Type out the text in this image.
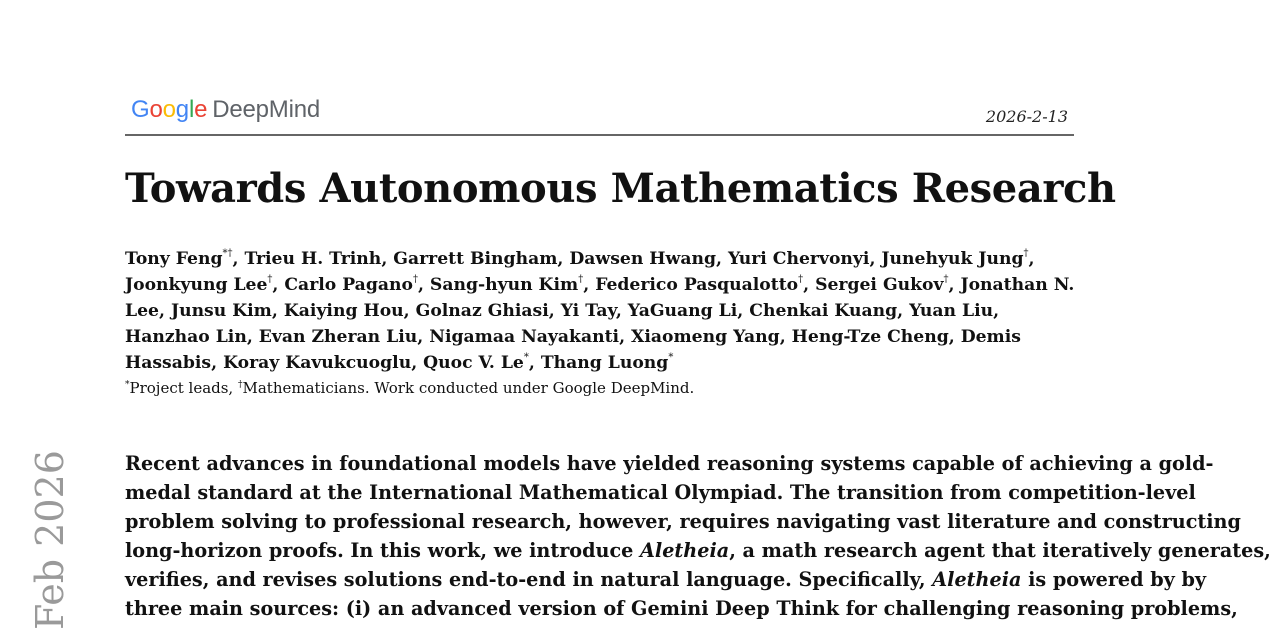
Google DeepMind	2026-2-13
Towards Autonomous Mathematics Research
Tony Feng*†, Trieu H. Trinh, Garrett Bingham, Dawsen Hwang, Yuri Chervonyi, Junehyuk Jung†, Joonkyung Lee†, Carlo Pagano†, Sang-hyun Kim†, Federico Pasqualotto†, Sergei Gukov†, Jonathan N. Lee, Junsu Kim, Kaiying Hou, Golnaz Ghiasi, Yi Tay, YaGuang Li, Chenkai Kuang, Yuan Liu, Hanzhao Lin, Evan Zheran Liu, Nigamaa Nayakanti, Xiaomeng Yang, Heng-Tze Cheng, Demis Hassabis, Koray Kavukcuoglu, Quoc V. Le*, Thang Luong*
*Project leads, †Mathematicians. Work conducted under Google DeepMind.
Recent advances in foundational models have yielded reasoning systems capable of achieving a gold-
medal standard at the International Mathematical Olympiad. The transition from competition-level
problem solving to professional research, however, requires navigating vast literature and constructing
long-horizon proofs. In this work, we introduce Aletheia, a math research agent that iteratively generates,
verifies, and revises solutions end-to-end in natural language. Specifically, Aletheia is powered by by
three main sources: (i) an advanced version of Gemini Deep Think for challenging reasoning problems,
Feb 2026
